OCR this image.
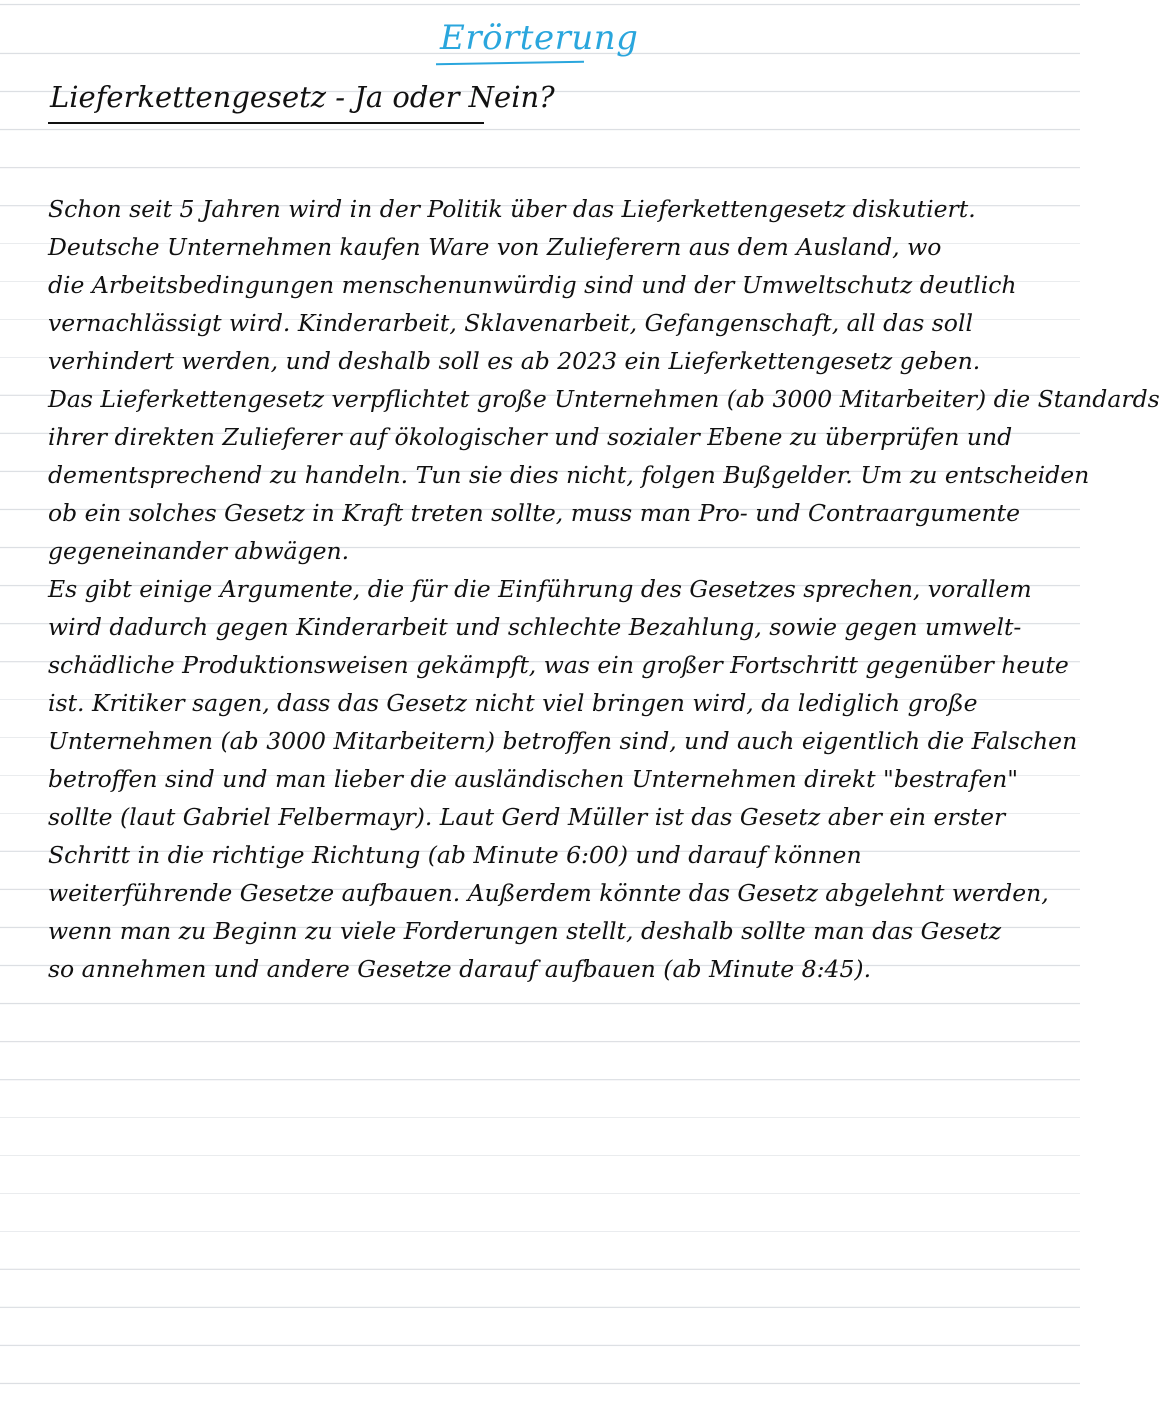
Erörterung
Lieferkettengesetz - Ja oder Nein?
Schon seit 5 Jahren wird in der Politik über das Lieferkettengesetz diskutiert.
Deutsche Unternehmen kaufen Ware von Zulieferern aus dem Ausland, wo
die Arbeitsbedingungen menschenunwürdig sind und der Umweltschutz deutlich
vernachlässigt wird. Kinderarbeit, Sklavenarbeit, Gefangenschaft, all das soll
verhindert werden, und deshalb soll es ab 2023 ein Lieferkettengesetz geben.
Das Lieferkettengesetz verpflichtet große Unternehmen (ab 3000 Mitarbeiter) die Standards
ihrer direkten Zulieferer auf ökologischer und sozialer Ebene zu überprüfen und
dementsprechend zu handeln. Tun sie dies nicht, folgen Bußgelder. Um zu entscheiden
ob ein solches Gesetz in Kraft treten sollte, muss man Pro- und Contraargumente
gegeneinander abwägen.
Es gibt einige Argumente, die für die Einführung des Gesetzes sprechen, vorallem
wird dadurch gegen Kinderarbeit und schlechte Bezahlung, sowie gegen umwelt-
schädliche Produktionsweisen gekämpft, was ein großer Fortschritt gegenüber heute
ist. Kritiker sagen, dass das Gesetz nicht viel bringen wird, da lediglich große
Unternehmen (ab 3000 Mitarbeitern) betroffen sind, und auch eigentlich die Falschen
betroffen sind und man lieber die ausländischen Unternehmen direkt "bestrafen"
sollte (laut Gabriel Felbermayr). Laut Gerd Müller ist das Gesetz aber ein erster
Schritt in die richtige Richtung (ab Minute 6:00) und darauf können
weiterführende Gesetze aufbauen. Außerdem könnte das Gesetz abgelehnt werden,
wenn man zu Beginn zu viele Forderungen stellt, deshalb sollte man das Gesetz
so annehmen und andere Gesetze darauf aufbauen (ab Minute 8:45).
